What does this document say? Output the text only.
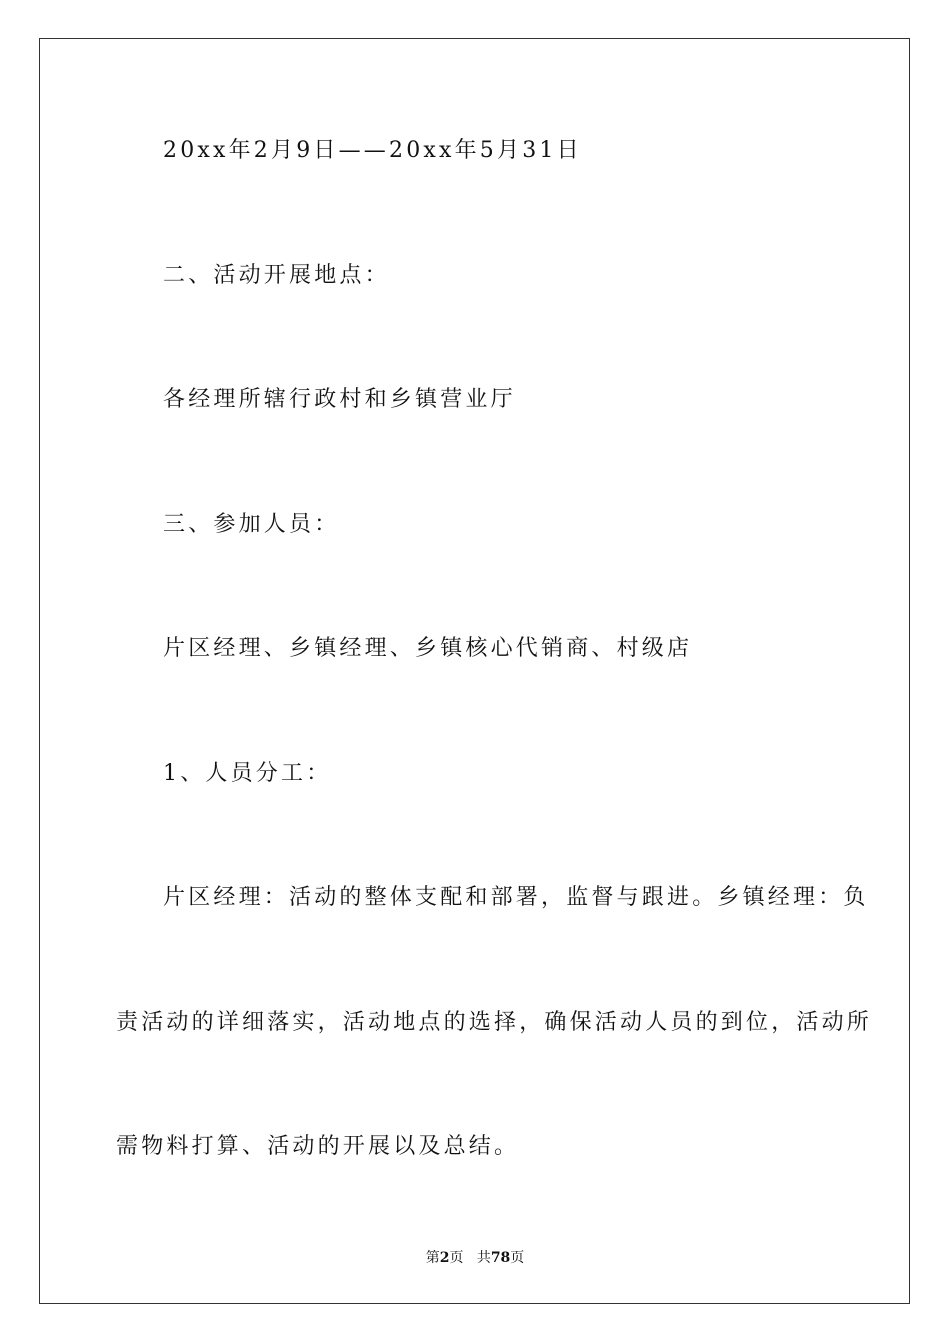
20xx年2月9日——20xx年5月31日
二、活动开展地点：
各经理所辖行政村和乡镇营业厅
三、参加人员：
片区经理、乡镇经理、乡镇核心代销商、村级店
1、人员分工：
片区经理：活动的整体支配和部署，监督与跟进。乡镇经理：负
责活动的详细落实，活动地点的选择，确保活动人员的到位，活动所
需物料打算、活动的开展以及总结。
第2页 共78页
